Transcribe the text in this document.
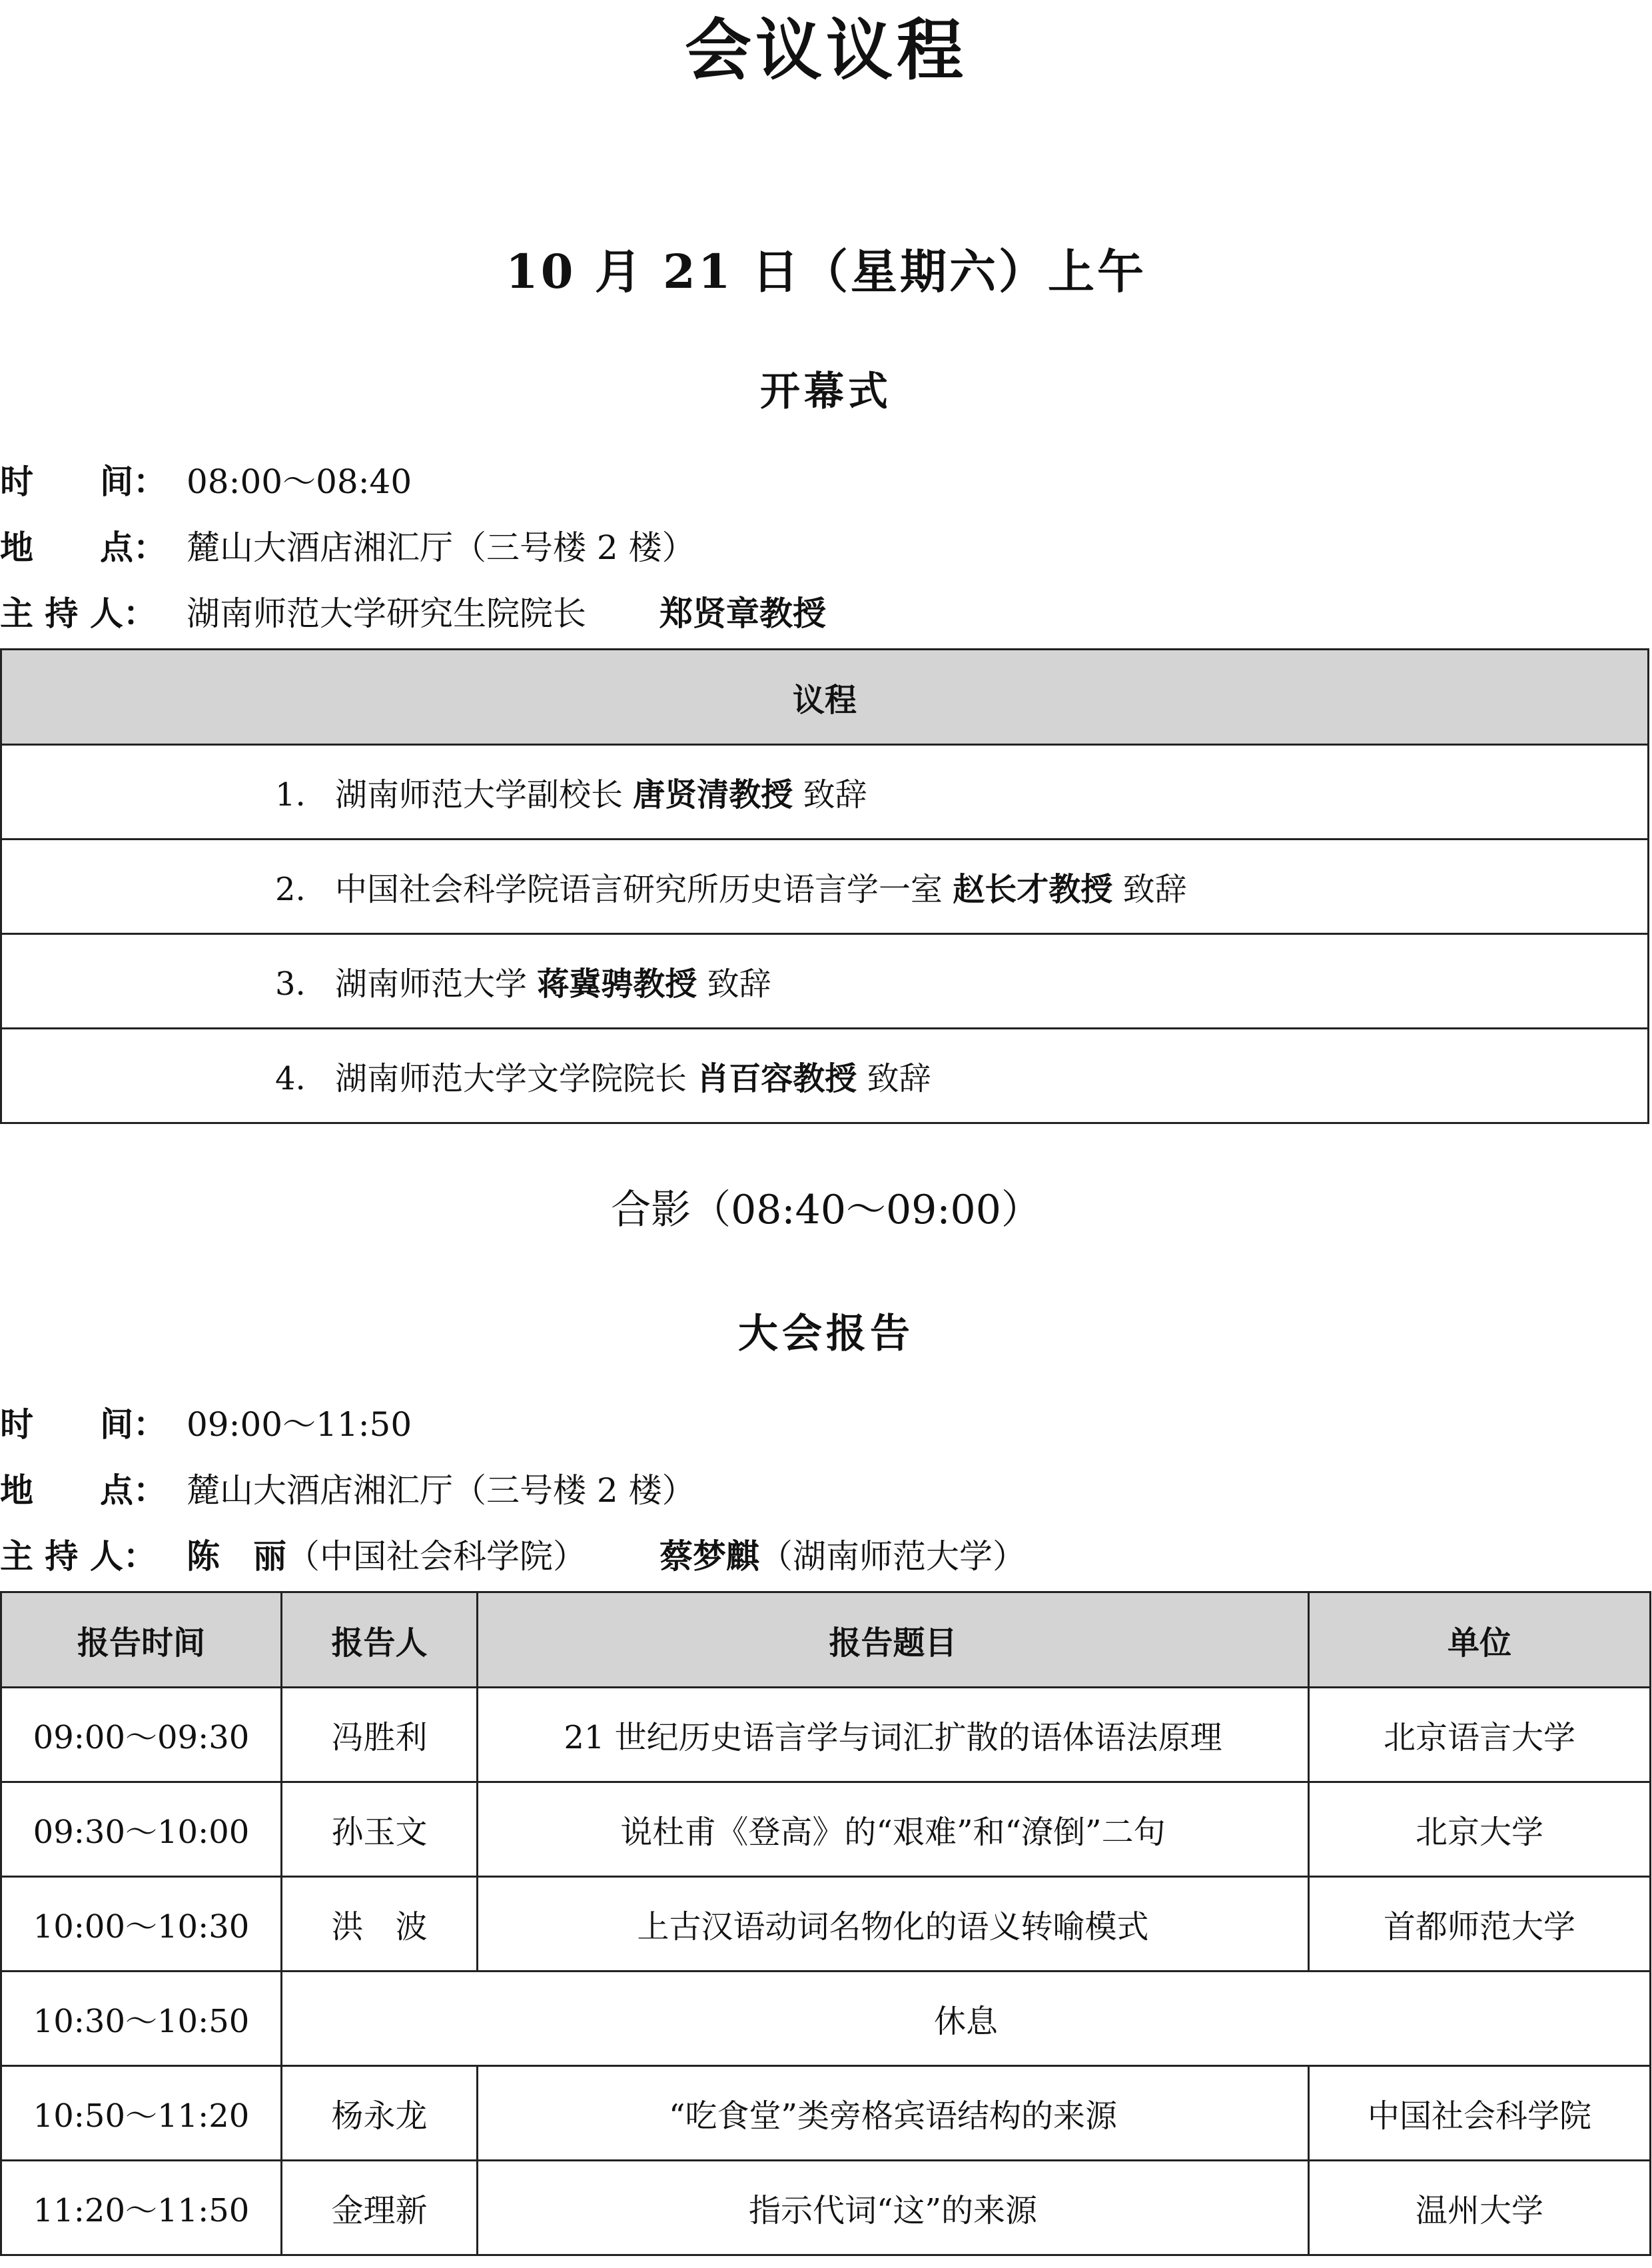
会议议程
10 月 21 日（星期六）上午
开幕式
时　　间： 08:00～08:40
地　　点： 麓山大酒店湘汇厅（三号楼 2 楼）
主 持 人： 湖南师范大学研究生院院长 郑贤章教授
议程
1. 湖南师范大学副校长 唐贤清教授 致辞
2. 中国社会科学院语言研究所历史语言学一室 赵长才教授 致辞
3. 湖南师范大学 蒋冀骋教授 致辞
4. 湖南师范大学文学院院长 肖百容教授 致辞
合影（08:40～09:00）
大会报告
时　　间： 09:00～11:50
地　　点： 麓山大酒店湘汇厅（三号楼 2 楼）
主 持 人： 陈　丽（中国社会科学院） 蔡梦麒（湖南师范大学）
报告时间	报告人	报告题目	单位
09:00～09:30	冯胜利	21 世纪历史语言学与词汇扩散的语体语法原理	北京语言大学
09:30～10:00	孙玉文	说杜甫《登高》的“艰难”和“潦倒”二句	北京大学
10:00～10:30	洪　波	上古汉语动词名物化的语义转喻模式	首都师范大学
10:30～10:50	休息		
10:50～11:20	杨永龙	“吃食堂”类旁格宾语结构的来源	中国社会科学院
11:20～11:50	金理新	指示代词“这”的来源	温州大学
